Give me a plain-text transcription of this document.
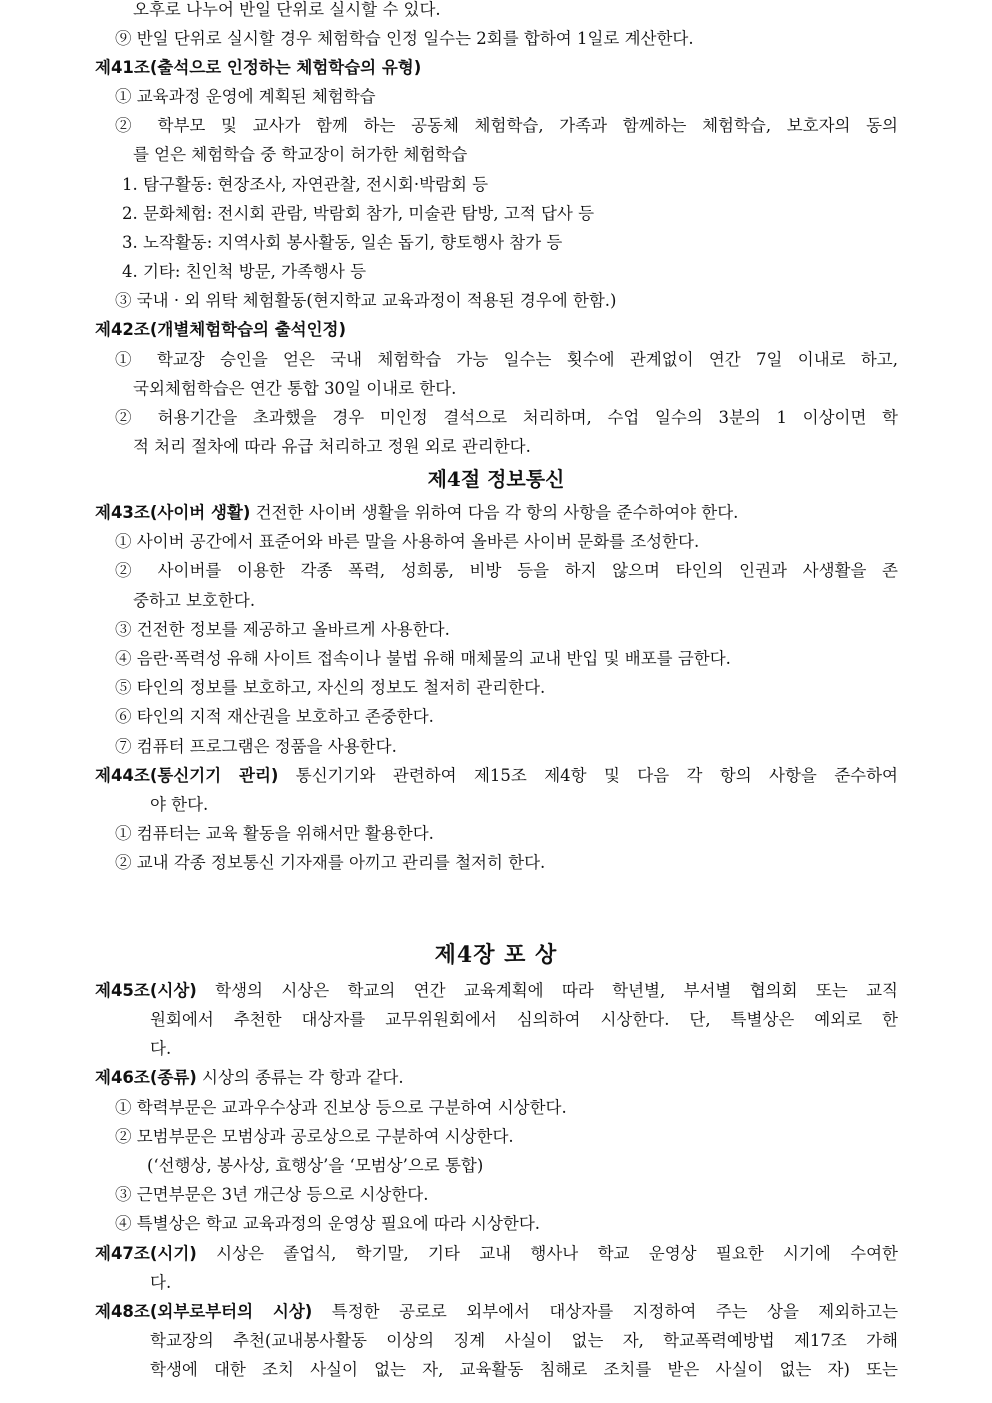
제4절 정보통신
제4장 포 상
오후로 나누어 반일 단위로 실시할 수 있다.
⑨ 반일 단위로 실시할 경우 체험학습 인정 일수는 2회를 합하여 1일로 계산한다.
제41조(출석으로 인정하는 체험학습의 유형)
① 교육과정 운영에 계획된 체험학습
② 학부모 및 교사가 함께 하는 공동체 체험학습, 가족과 함께하는 체험학습, 보호자의 동의
를 얻은 체험학습 중 학교장이 허가한 체험학습
1. 탐구활동: 현장조사, 자연관찰, 전시회·박람회 등
2. 문화체험: 전시회 관람, 박람회 참가, 미술관 탐방, 고적 답사 등
3. 노작활동: 지역사회 봉사활동, 일손 돕기, 향토행사 참가 등
4. 기타: 친인척 방문, 가족행사 등
③ 국내 · 외 위탁 체험활동(현지학교 교육과정이 적용된 경우에 한함.)
제42조(개별체험학습의 출석인정)
① 학교장 승인을 얻은 국내 체험학습 가능 일수는 횟수에 관계없이 연간 7일 이내로 하고,
국외체험학습은 연간 통합 30일 이내로 한다.
② 허용기간을 초과했을 경우 미인정 결석으로 처리하며, 수업 일수의 3분의 1 이상이면 학
적 처리 절차에 따라 유급 처리하고 정원 외로 관리한다.
제43조(사이버 생활) 건전한 사이버 생활을 위하여 다음 각 항의 사항을 준수하여야 한다.
① 사이버 공간에서 표준어와 바른 말을 사용하여 올바른 사이버 문화를 조성한다.
② 사이버를 이용한 각종 폭력, 성희롱, 비방 등을 하지 않으며 타인의 인권과 사생활을 존
중하고 보호한다.
③ 건전한 정보를 제공하고 올바르게 사용한다.
④ 음란·폭력성 유해 사이트 접속이나 불법 유해 매체물의 교내 반입 및 배포를 금한다.
⑤ 타인의 정보를 보호하고, 자신의 정보도 철저히 관리한다.
⑥ 타인의 지적 재산권을 보호하고 존중한다.
⑦ 컴퓨터 프로그램은 정품을 사용한다.
제44조(통신기기 관리) 통신기기와 관련하여 제15조 제4항 및 다음 각 항의 사항을 준수하여
야 한다.
① 컴퓨터는 교육 활동을 위해서만 활용한다.
② 교내 각종 정보통신 기자재를 아끼고 관리를 철저히 한다.
제45조(시상) 학생의 시상은 학교의 연간 교육계획에 따라 학년별, 부서별 협의회 또는 교직
원회에서 추천한 대상자를 교무위원회에서 심의하여 시상한다. 단, 특별상은 예외로 한
다.
제46조(종류) 시상의 종류는 각 항과 같다.
① 학력부문은 교과우수상과 진보상 등으로 구분하여 시상한다.
② 모범부문은 모범상과 공로상으로 구분하여 시상한다.
(‘선행상, 봉사상, 효행상’을 ‘모범상’으로 통합)
③ 근면부문은 3년 개근상 등으로 시상한다.
④ 특별상은 학교 교육과정의 운영상 필요에 따라 시상한다.
제47조(시기) 시상은 졸업식, 학기말, 기타 교내 행사나 학교 운영상 필요한 시기에 수여한
다.
제48조(외부로부터의 시상) 특정한 공로로 외부에서 대상자를 지정하여 주는 상을 제외하고는
학교장의 추천(교내봉사활동 이상의 징계 사실이 없는 자, 학교폭력예방법 제17조 가해
학생에 대한 조치 사실이 없는 자, 교육활동 침해로 조치를 받은 사실이 없는 자) 또는
